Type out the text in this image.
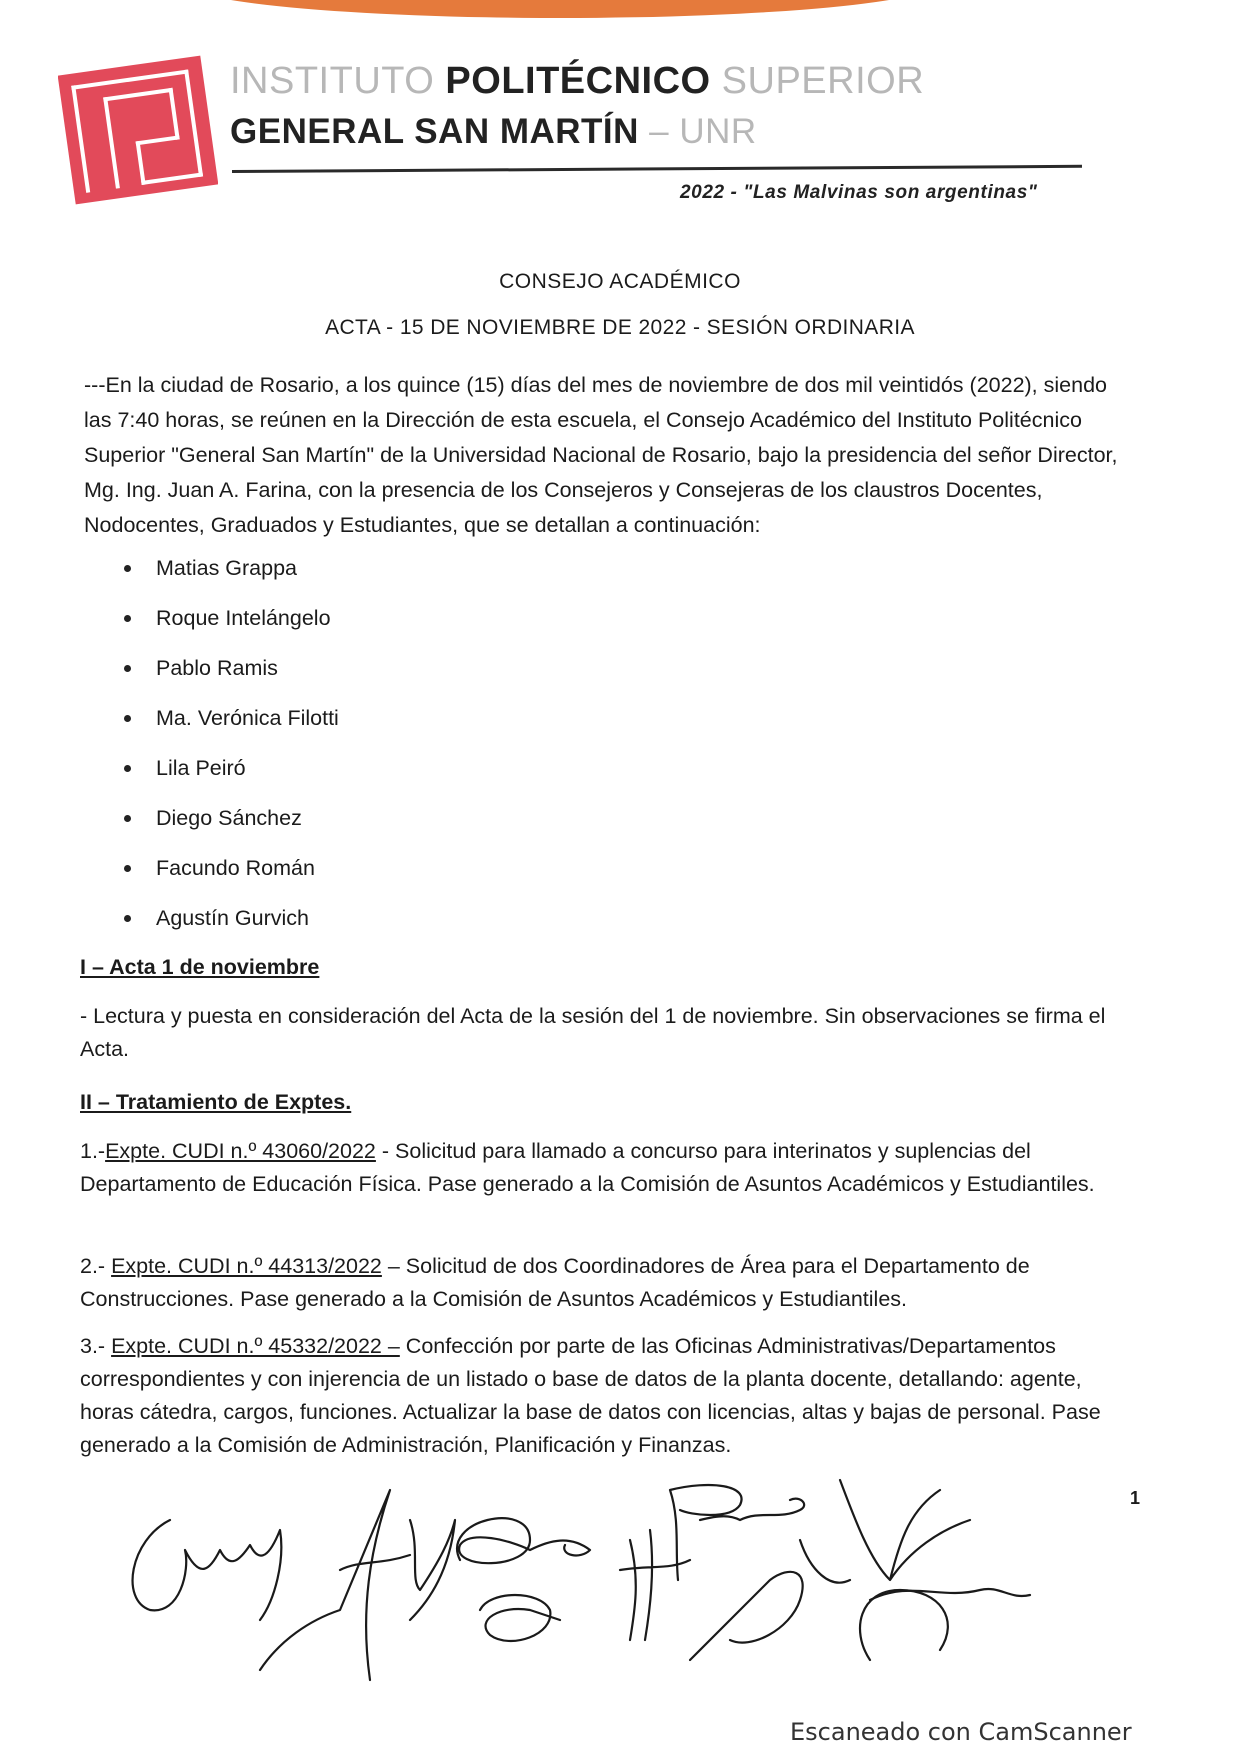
INSTITUTO POLITÉCNICO SUPERIOR
GENERAL SAN MARTÍN – UNR
2022 - "Las Malvinas son argentinas"
CONSEJO ACADÉMICO
ACTA - 15 DE NOVIEMBRE DE 2022 - SESIÓN ORDINARIA

---En la ciudad de Rosario, a los quince (15) días del mes de noviembre de dos mil veintidós (2022), siendo las 7:40 horas, se reúnen en la Dirección de esta escuela, el Consejo Académico del Instituto Politécnico Superior "General San Martín" de la Universidad Nacional de Rosario, bajo la presidencia del señor Director, Mg. Ing. Juan A. Farina, con la presencia de los Consejeros y Consejeras de los claustros Docentes, Nodocentes, Graduados y Estudiantes, que se detallan a continuación:

Matias Grappa
Roque Intelángelo
Pablo Ramis
Ma. Verónica Filotti
Lila Peiró
Diego Sánchez
Facundo Román
Agustín Gurvich
I – Acta 1 de noviembre

- Lectura y puesta en consideración del Acta de la sesión del 1 de noviembre. Sin observaciones se firma el Acta.

II – Tratamiento de Exptes.

1.-Expte. CUDI n.º 43060/2022 - Solicitud para llamado a concurso para interinatos y suplencias del Departamento de Educación Física. Pase generado a la Comisión de Asuntos Académicos y Estudiantiles.

2.- Expte. CUDI n.º 44313/2022 – Solicitud de dos Coordinadores de Área para el Departamento de Construcciones. Pase generado a la Comisión de Asuntos Académicos y Estudiantiles.

3.- Expte. CUDI n.º 45332/2022 – Confección por parte de las Oficinas Administrativas/Departamentos correspondientes y con injerencia de un listado o base de datos de la planta docente, detallando: agente, horas cátedra, cargos, funciones. Actualizar la base de datos con licencias, altas y bajas de personal. Pase generado a la Comisión de Administración, Planificación y Finanzas.

1
Escaneado con CamScanner
